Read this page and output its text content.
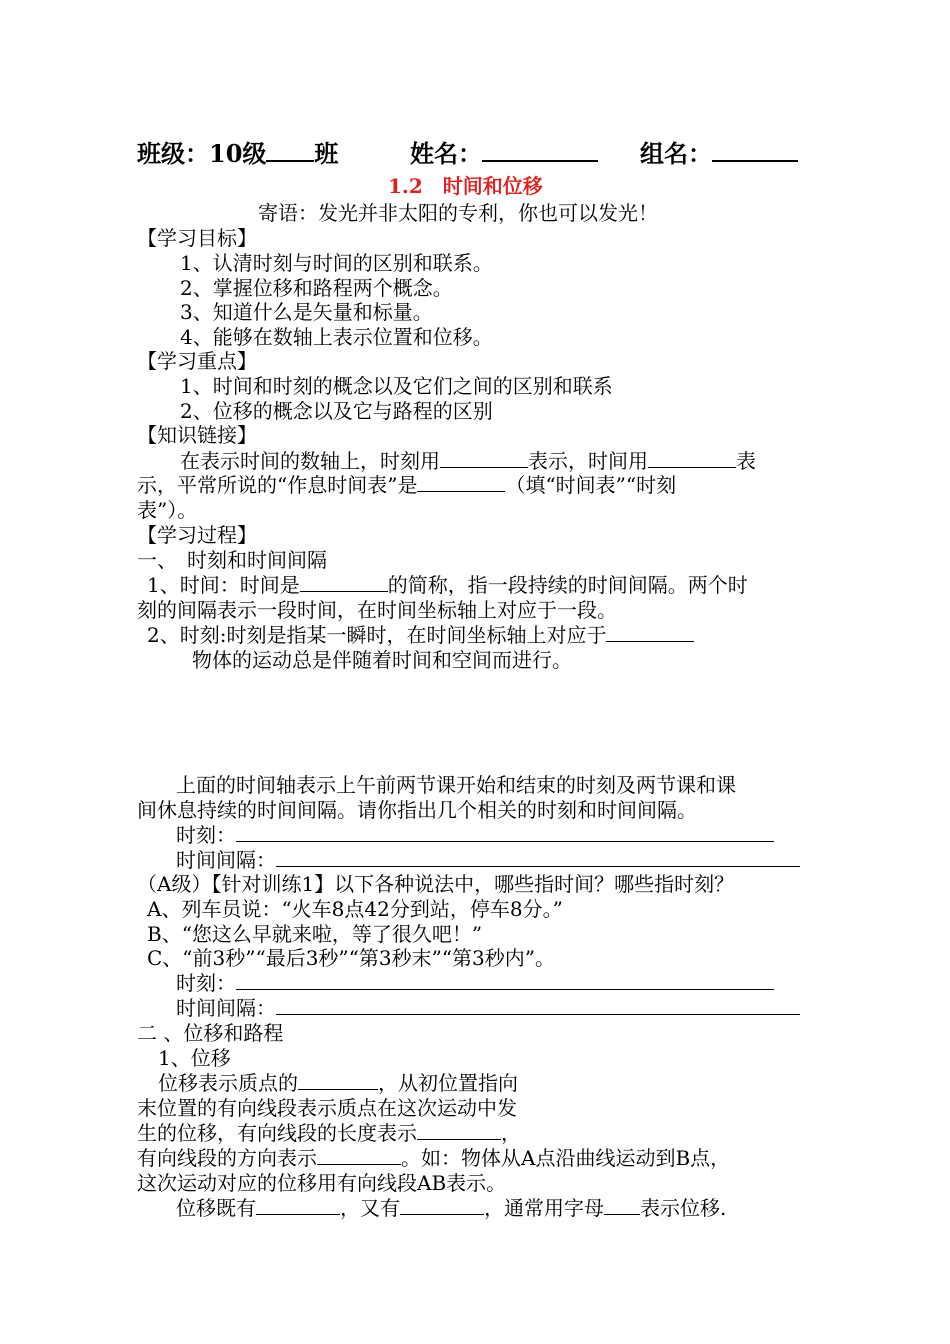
班级：10级 班	姓名：	组名：
1.2　时间和位移
寄语：发光并非太阳的专利，你也可以发光！
【学习目标】
1、认清时刻与时间的区别和联系。
2、掌握位移和路程两个概念。
3、知道什么是矢量和标量。
4、能够在数轴上表示位置和位移。
【学习重点】
1、时间和时刻的概念以及它们之间的区别和联系
2、位移的概念以及它与路程的区别
【知识链接】
在表示时间的数轴上，时刻用	表示，时间用	表
示，平常所说的“作息时间表”是	（填“时间表”“时刻
表”）。
【学习过程】
一、　时刻和时间间隔
1、时间：时间是	的简称，指一段持续的时间间隔。两个时
刻的间隔表示一段时间，在时间坐标轴上对应于一段。
2、时刻:时刻是指某一瞬时，在时间坐标轴上对应于
物体的运动总是伴随着时间和空间而进行。
上面的时间轴表示上午前两节课开始和结束的时刻及两节课和课
间休息持续的时间间隔。请你指出几个相关的时刻和时间间隔。
时刻：
时间间隔：
（A级）【针对训练1】以下各种说法中，哪些指时间？哪些指时刻？
A、列车员说：“火车8点42分到站，停车8分。”
B、“您这么早就来啦，等了很久吧！”
C、“前3秒”“最后3秒”“第3秒末”“第3秒内”。
时刻：
时间间隔：
二 、位移和路程
1、位移
位移表示质点的	，从初位置指向
末位置的有向线段表示质点在这次运动中发
生的位移，有向线段的长度表示	，
有向线段的方向表示	。如：物体从A点沿曲线运动到B点，
这次运动对应的位移用有向线段AB表示。
位移既有	，又有	，通常用字母 表示位移.
